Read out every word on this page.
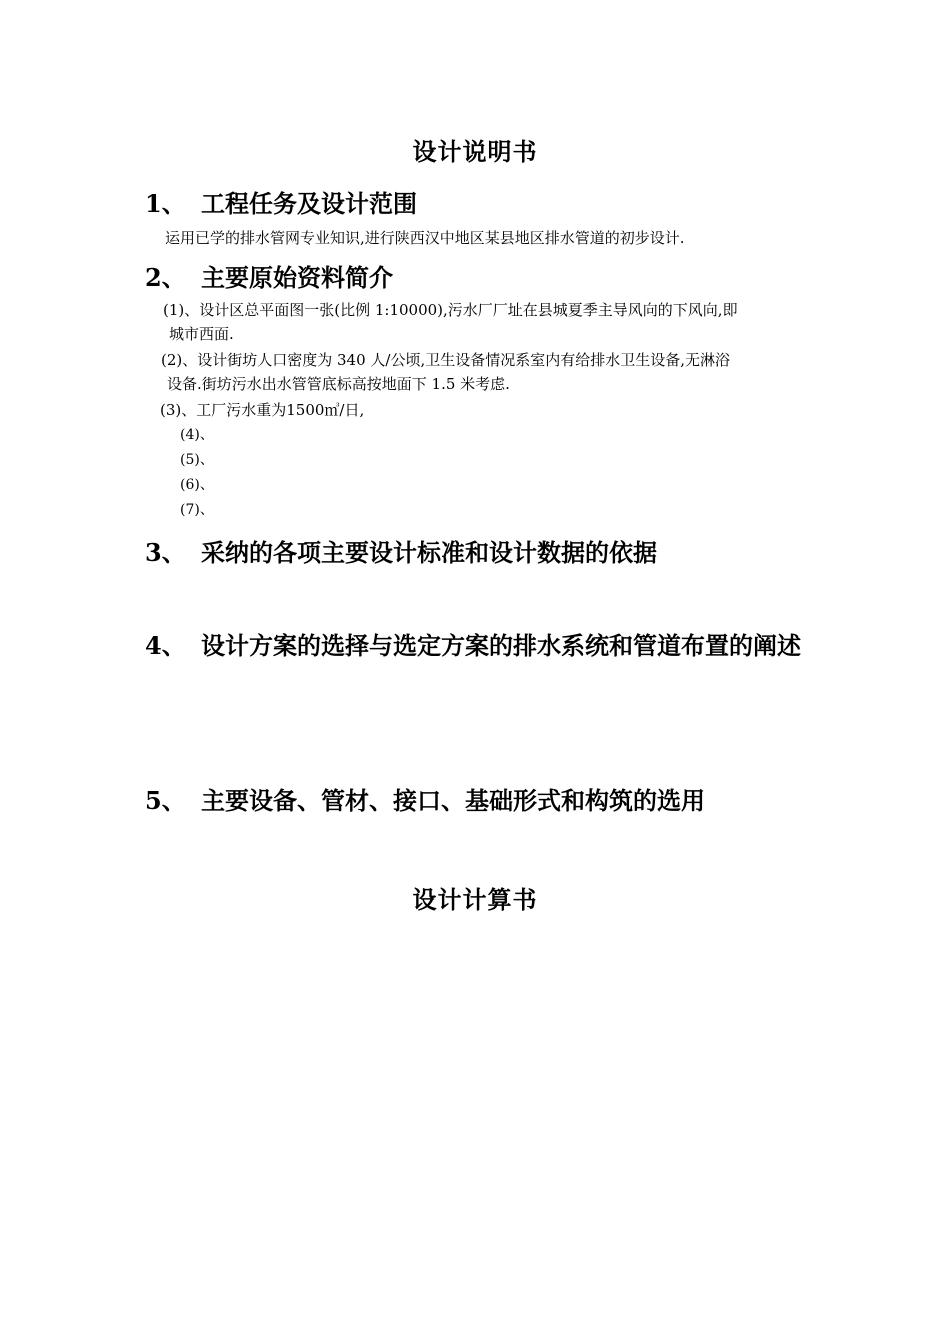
设计说明书
1、 工程任务及设计范围
运用已学的排水管网专业知识,进行陕西汉中地区某县地区排水管道的初步设计.
2、 主要原始资料简介
(1)、设计区总平面图一张(比例 1:10000),污水厂厂址在县城夏季主导风向的下风向,即
城市西面.
(2)、设计街坊人口密度为 340 人/公顷,卫生设备情况系室内有给排水卫生设备,无淋浴
设备.街坊污水出水管管底标高按地面下 1.5 米考虑.
(3)、工厂污水重为1500㎥/日,
(4)、
(5)、
(6)、
(7)、
3、 采纳的各项主要设计标准和设计数据的依据
4、 设计方案的选择与选定方案的排水系统和管道布置的阐述
5、 主要设备、管材、接口、基础形式和构筑的选用
设计计算书
